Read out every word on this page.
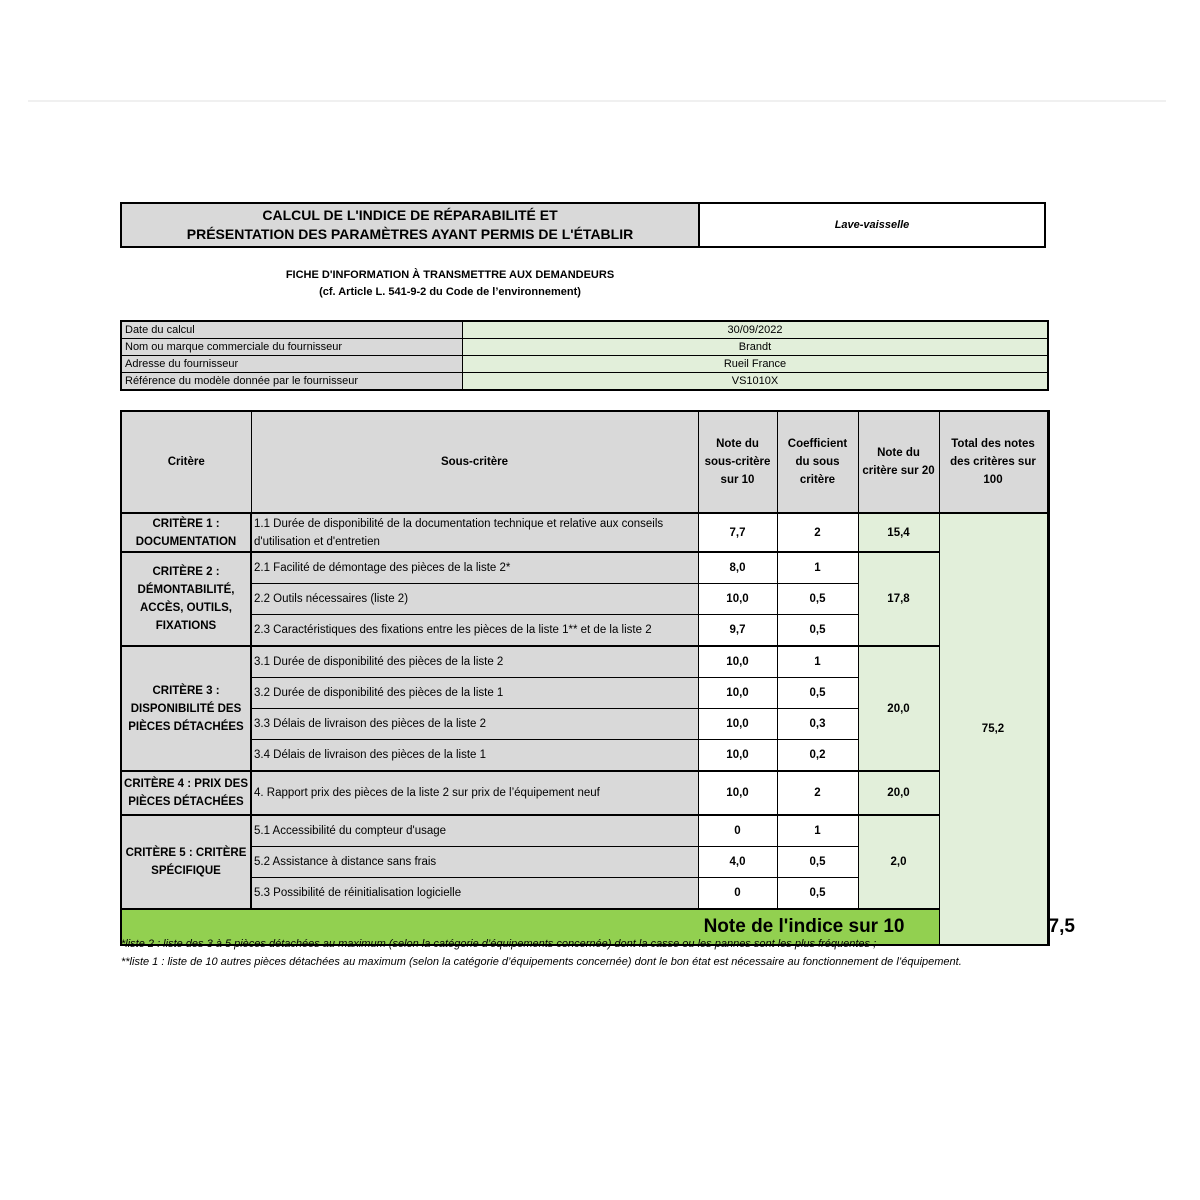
CALCUL DE L'INDICE DE RÉPARABILITÉ ET
PRÉSENTATION DES PARAMÈTRES AYANT PERMIS DE L'ÉTABLIR
Lave-vaisselle
FICHE D'INFORMATION À TRANSMETTRE AUX DEMANDEURS
(cf. Article L. 541-9-2 du Code de l’environnement)
Date du calcul	30/09/2022
Nom ou marque commerciale du fournisseur	Brandt
Adresse du fournisseur	Rueil France
Référence du modèle donnée par le fournisseur	VS1010X
Critère	Sous-critère	Note du sous-critère sur 10	Coefficient du sous critère	Note du critère sur 20	Total des notes des critères sur 100	
CRITÈRE 1 : DOCUMENTATION	1.1 Durée de disponibilité de la documentation technique et relative aux conseils d'utilisation et d'entretien	7,7	2	15,4	75,2	
CRITÈRE 2 : DÉMONTABILITÉ, ACCÈS, OUTILS, FIXATIONS	2.1 Facilité de démontage des pièces de la liste 2*	8,0	1	17,8		
	2.2 Outils nécessaires (liste 2)	10,0	0,5			
	2.3 Caractéristiques des fixations entre les pièces de la liste 1** et de la liste 2	9,7	0,5			
CRITÈRE 3 : DISPONIBILITÉ DES PIÈCES DÉTACHÉES	3.1 Durée de disponibilité des pièces de la liste 2	10,0	1	20,0		
	3.2 Durée de disponibilité des pièces de la liste 1	10,0	0,5			
	3.3 Délais de livraison des pièces de la liste 2	10,0	0,3			
	3.4 Délais de livraison des pièces de la liste 1	10,0	0,2			
CRITÈRE 4 : PRIX DES PIÈCES DÉTACHÉES	4. Rapport prix des pièces de la liste 2 sur prix de l’équipement neuf	10,0	2	20,0		
CRITÈRE 5 : CRITÈRE SPÉCIFIQUE	5.1 Accessibilité du compteur d'usage	0	1	2,0		
	5.2 Assistance à distance sans frais	4,0	0,5			
	5.3 Possibilité de réinitialisation logicielle	0	0,5			
Note de l'indice sur 10						7,5
*liste 2 : liste des 3 à 5 pièces détachées au maximum (selon la catégorie d’équipements concernée) dont la casse ou les pannes sont les plus fréquentes ;
**liste 1 : liste de 10 autres pièces détachées au maximum (selon la catégorie d’équipements concernée) dont le bon état est nécessaire au fonctionnement de l’équipement.
